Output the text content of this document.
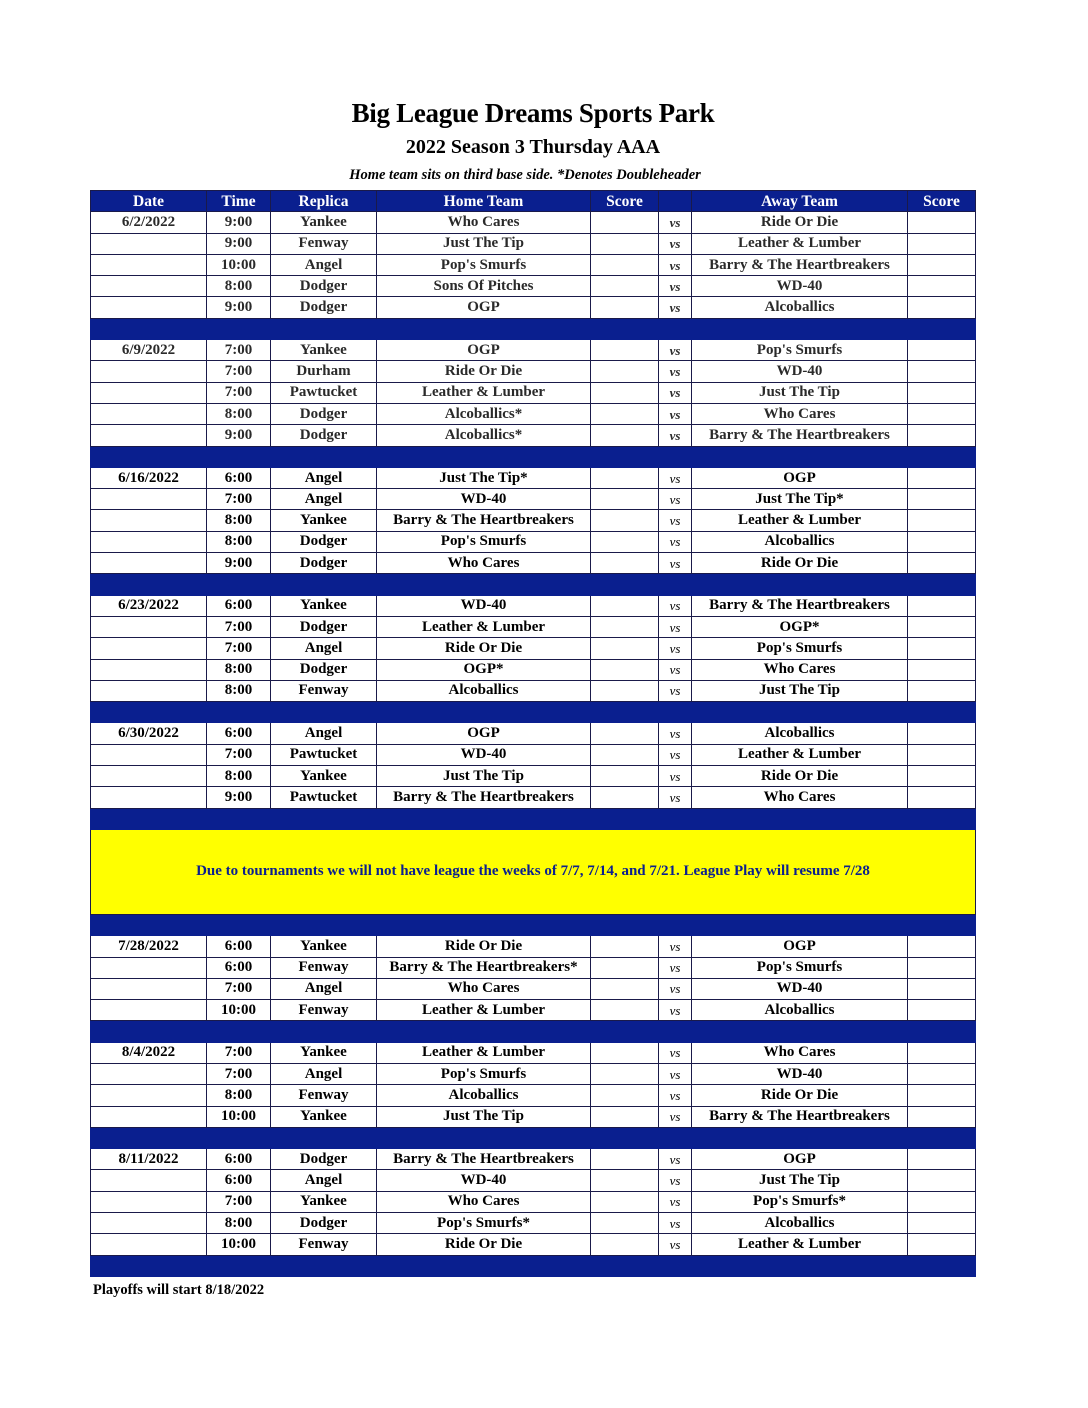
Big League Dreams Sports Park
2022 Season 3 Thursday AAA
Home team sits on third base side. *Denotes Doubleheader
Date	Time	Replica	Home Team	Score		Away Team	Score
6/2/2022	9:00	Yankee	Who Cares		vs	Ride Or Die	
	9:00	Fenway	Just The Tip		vs	Leather & Lumber	
	10:00	Angel	Pop's Smurfs		vs	Barry & The Heartbreakers	
	8:00	Dodger	Sons Of Pitches		vs	WD-40	
	9:00	Dodger	OGP		vs	Alcoballics	

6/9/2022	7:00	Yankee	OGP		vs	Pop's Smurfs	
	7:00	Durham	Ride Or Die		vs	WD-40	
	7:00	Pawtucket	Leather & Lumber		vs	Just The Tip	
	8:00	Dodger	Alcoballics*		vs	Who Cares	
	9:00	Dodger	Alcoballics*		vs	Barry & The Heartbreakers	

6/16/2022	6:00	Angel	Just The Tip*		vs	OGP	
	7:00	Angel	WD-40		vs	Just The Tip*	
	8:00	Yankee	Barry & The Heartbreakers		vs	Leather & Lumber	
	8:00	Dodger	Pop's Smurfs		vs	Alcoballics	
	9:00	Dodger	Who Cares		vs	Ride Or Die	

6/23/2022	6:00	Yankee	WD-40		vs	Barry & The Heartbreakers	
	7:00	Dodger	Leather & Lumber		vs	OGP*	
	7:00	Angel	Ride Or Die		vs	Pop's Smurfs	
	8:00	Dodger	OGP*		vs	Who Cares	
	8:00	Fenway	Alcoballics		vs	Just The Tip	

6/30/2022	6:00	Angel	OGP		vs	Alcoballics	
	7:00	Pawtucket	WD-40		vs	Leather & Lumber	
	8:00	Yankee	Just The Tip		vs	Ride Or Die	
	9:00	Pawtucket	Barry & The Heartbreakers		vs	Who Cares	

Due to tournaments we will not have league the weeks of 7/7, 7/14, and 7/21. League Play will resume 7/28							

7/28/2022	6:00	Yankee	Ride Or Die		vs	OGP	
	6:00	Fenway	Barry & The Heartbreakers*		vs	Pop's Smurfs	
	7:00	Angel	Who Cares		vs	WD-40	
	10:00	Fenway	Leather & Lumber		vs	Alcoballics	

8/4/2022	7:00	Yankee	Leather & Lumber		vs	Who Cares	
	7:00	Angel	Pop's Smurfs		vs	WD-40	
	8:00	Fenway	Alcoballics		vs	Ride Or Die	
	10:00	Yankee	Just The Tip		vs	Barry & The Heartbreakers	

8/11/2022	6:00	Dodger	Barry & The Heartbreakers		vs	OGP	
	6:00	Angel	WD-40		vs	Just The Tip	
	7:00	Yankee	Who Cares		vs	Pop's Smurfs*	
	8:00	Dodger	Pop's Smurfs*		vs	Alcoballics	
	10:00	Fenway	Ride Or Die		vs	Leather & Lumber	

Playoffs will start 8/18/2022
